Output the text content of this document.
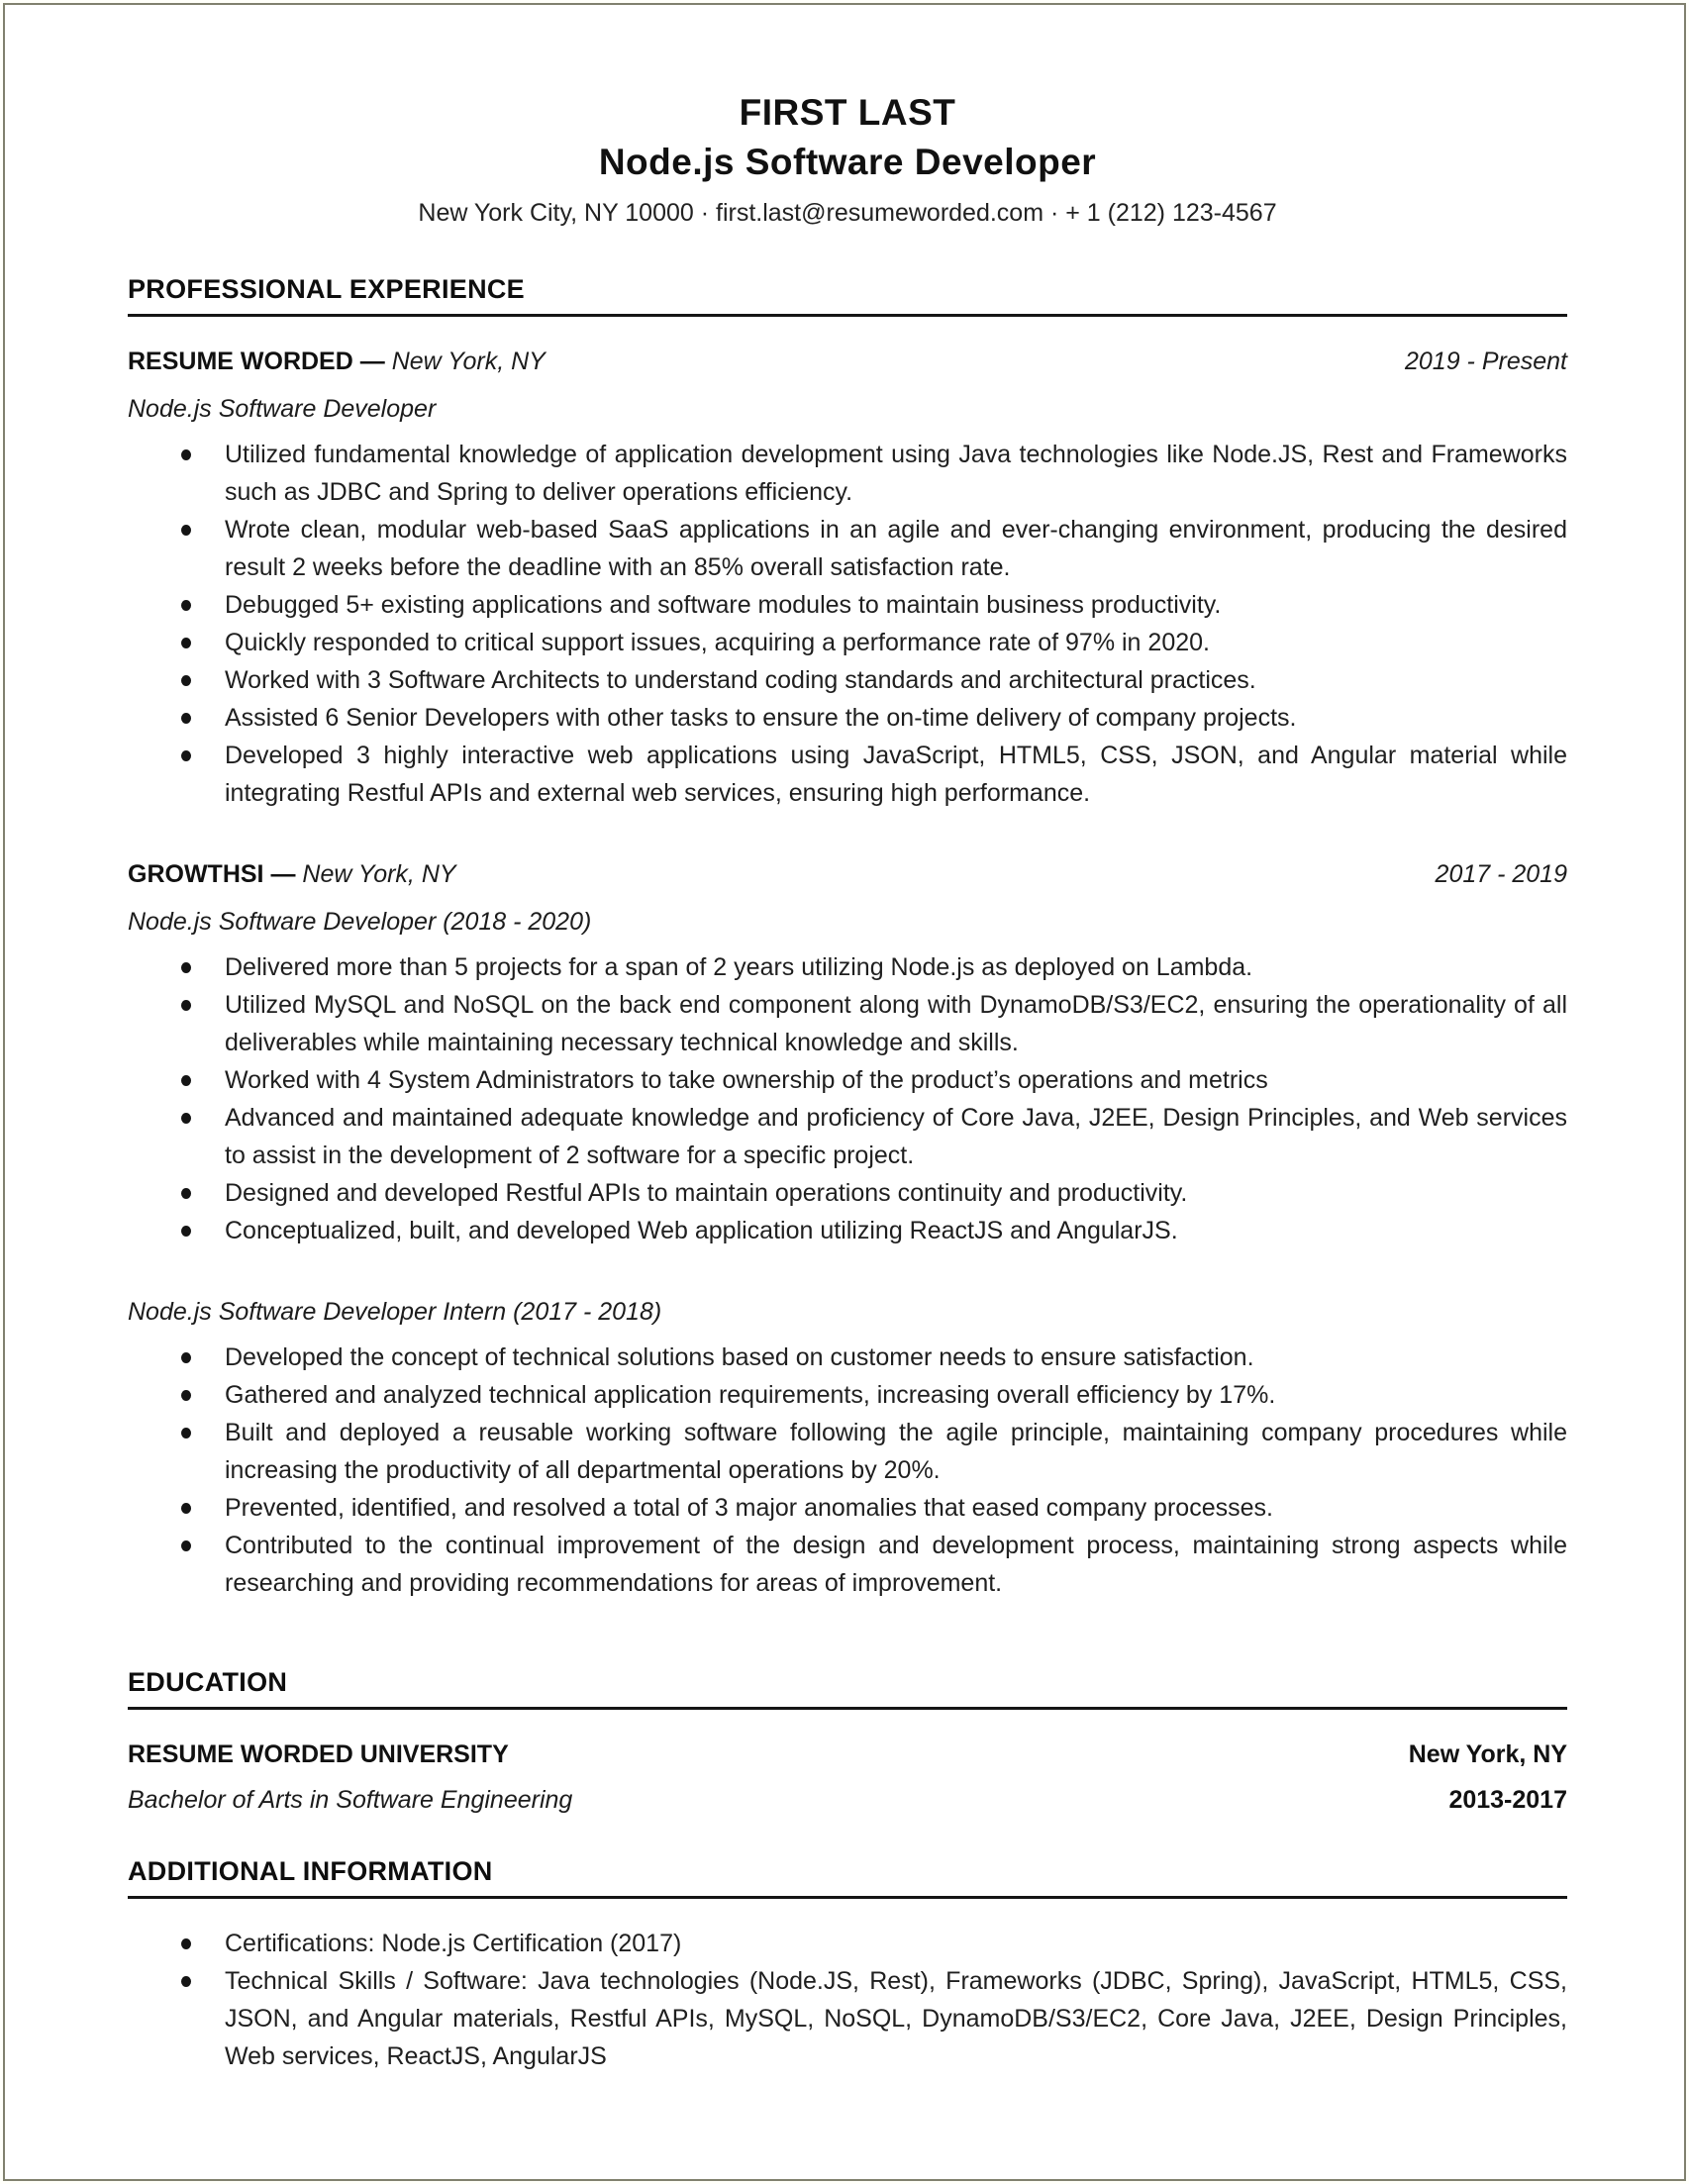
FIRST LAST
Node.js Software Developer
New York City, NY 10000 · first.last@resumeworded.com · + 1 (212) 123-4567
PROFESSIONAL EXPERIENCE
RESUME WORDED — New York, NY	2019 - Present
Node.js Software Developer
Utilized fundamental knowledge of application development using Java technologies like Node.JS, Rest and Frameworks such as JDBC and Spring to deliver operations efficiency.
Wrote clean, modular web-based SaaS applications in an agile and ever-changing environment, producing the desired result 2 weeks before the deadline with an 85% overall satisfaction rate.
Debugged 5+ existing applications and software modules to maintain business productivity.
Quickly responded to critical support issues, acquiring a performance rate of 97% in 2020.
Worked with 3 Software Architects to understand coding standards and architectural practices.
Assisted 6 Senior Developers with other tasks to ensure the on-time delivery of company projects.
Developed 3 highly interactive web applications using JavaScript, HTML5, CSS, JSON, and Angular material while integrating Restful APIs and external web services, ensuring high performance.
GROWTHSI — New York, NY	2017 - 2019
Node.js Software Developer (2018 - 2020)
Delivered more than 5 projects for a span of 2 years utilizing Node.js as deployed on Lambda.
Utilized MySQL and NoSQL on the back end component along with DynamoDB/S3/EC2, ensuring the operationality of all deliverables while maintaining necessary technical knowledge and skills.
Worked with 4 System Administrators to take ownership of the product’s operations and metrics
Advanced and maintained adequate knowledge and proficiency of Core Java, J2EE, Design Principles, and Web services to assist in the development of 2 software for a specific project.
Designed and developed Restful APIs to maintain operations continuity and productivity.
Conceptualized, built, and developed Web application utilizing ReactJS and AngularJS.
Node.js Software Developer Intern (2017 - 2018)
Developed the concept of technical solutions based on customer needs to ensure satisfaction.
Gathered and analyzed technical application requirements, increasing overall efficiency by 17%.
Built and deployed a reusable working software following the agile principle, maintaining company procedures while increasing the productivity of all departmental operations by 20%.
Prevented, identified, and resolved a total of 3 major anomalies that eased company processes.
Contributed to the continual improvement of the design and development process, maintaining strong aspects while researching and providing recommendations for areas of improvement.
EDUCATION
RESUME WORDED UNIVERSITY
Bachelor of Arts in Software Engineering
New York, NY
2013-2017
ADDITIONAL INFORMATION
Certifications: Node.js Certification (2017)
Technical Skills / Software: Java technologies (Node.JS, Rest), Frameworks (JDBC, Spring), JavaScript, HTML5, CSS, JSON, and Angular materials, Restful APIs, MySQL, NoSQL, DynamoDB/S3/EC2, Core Java, J2EE, Design Principles, Web services, ReactJS, AngularJS
